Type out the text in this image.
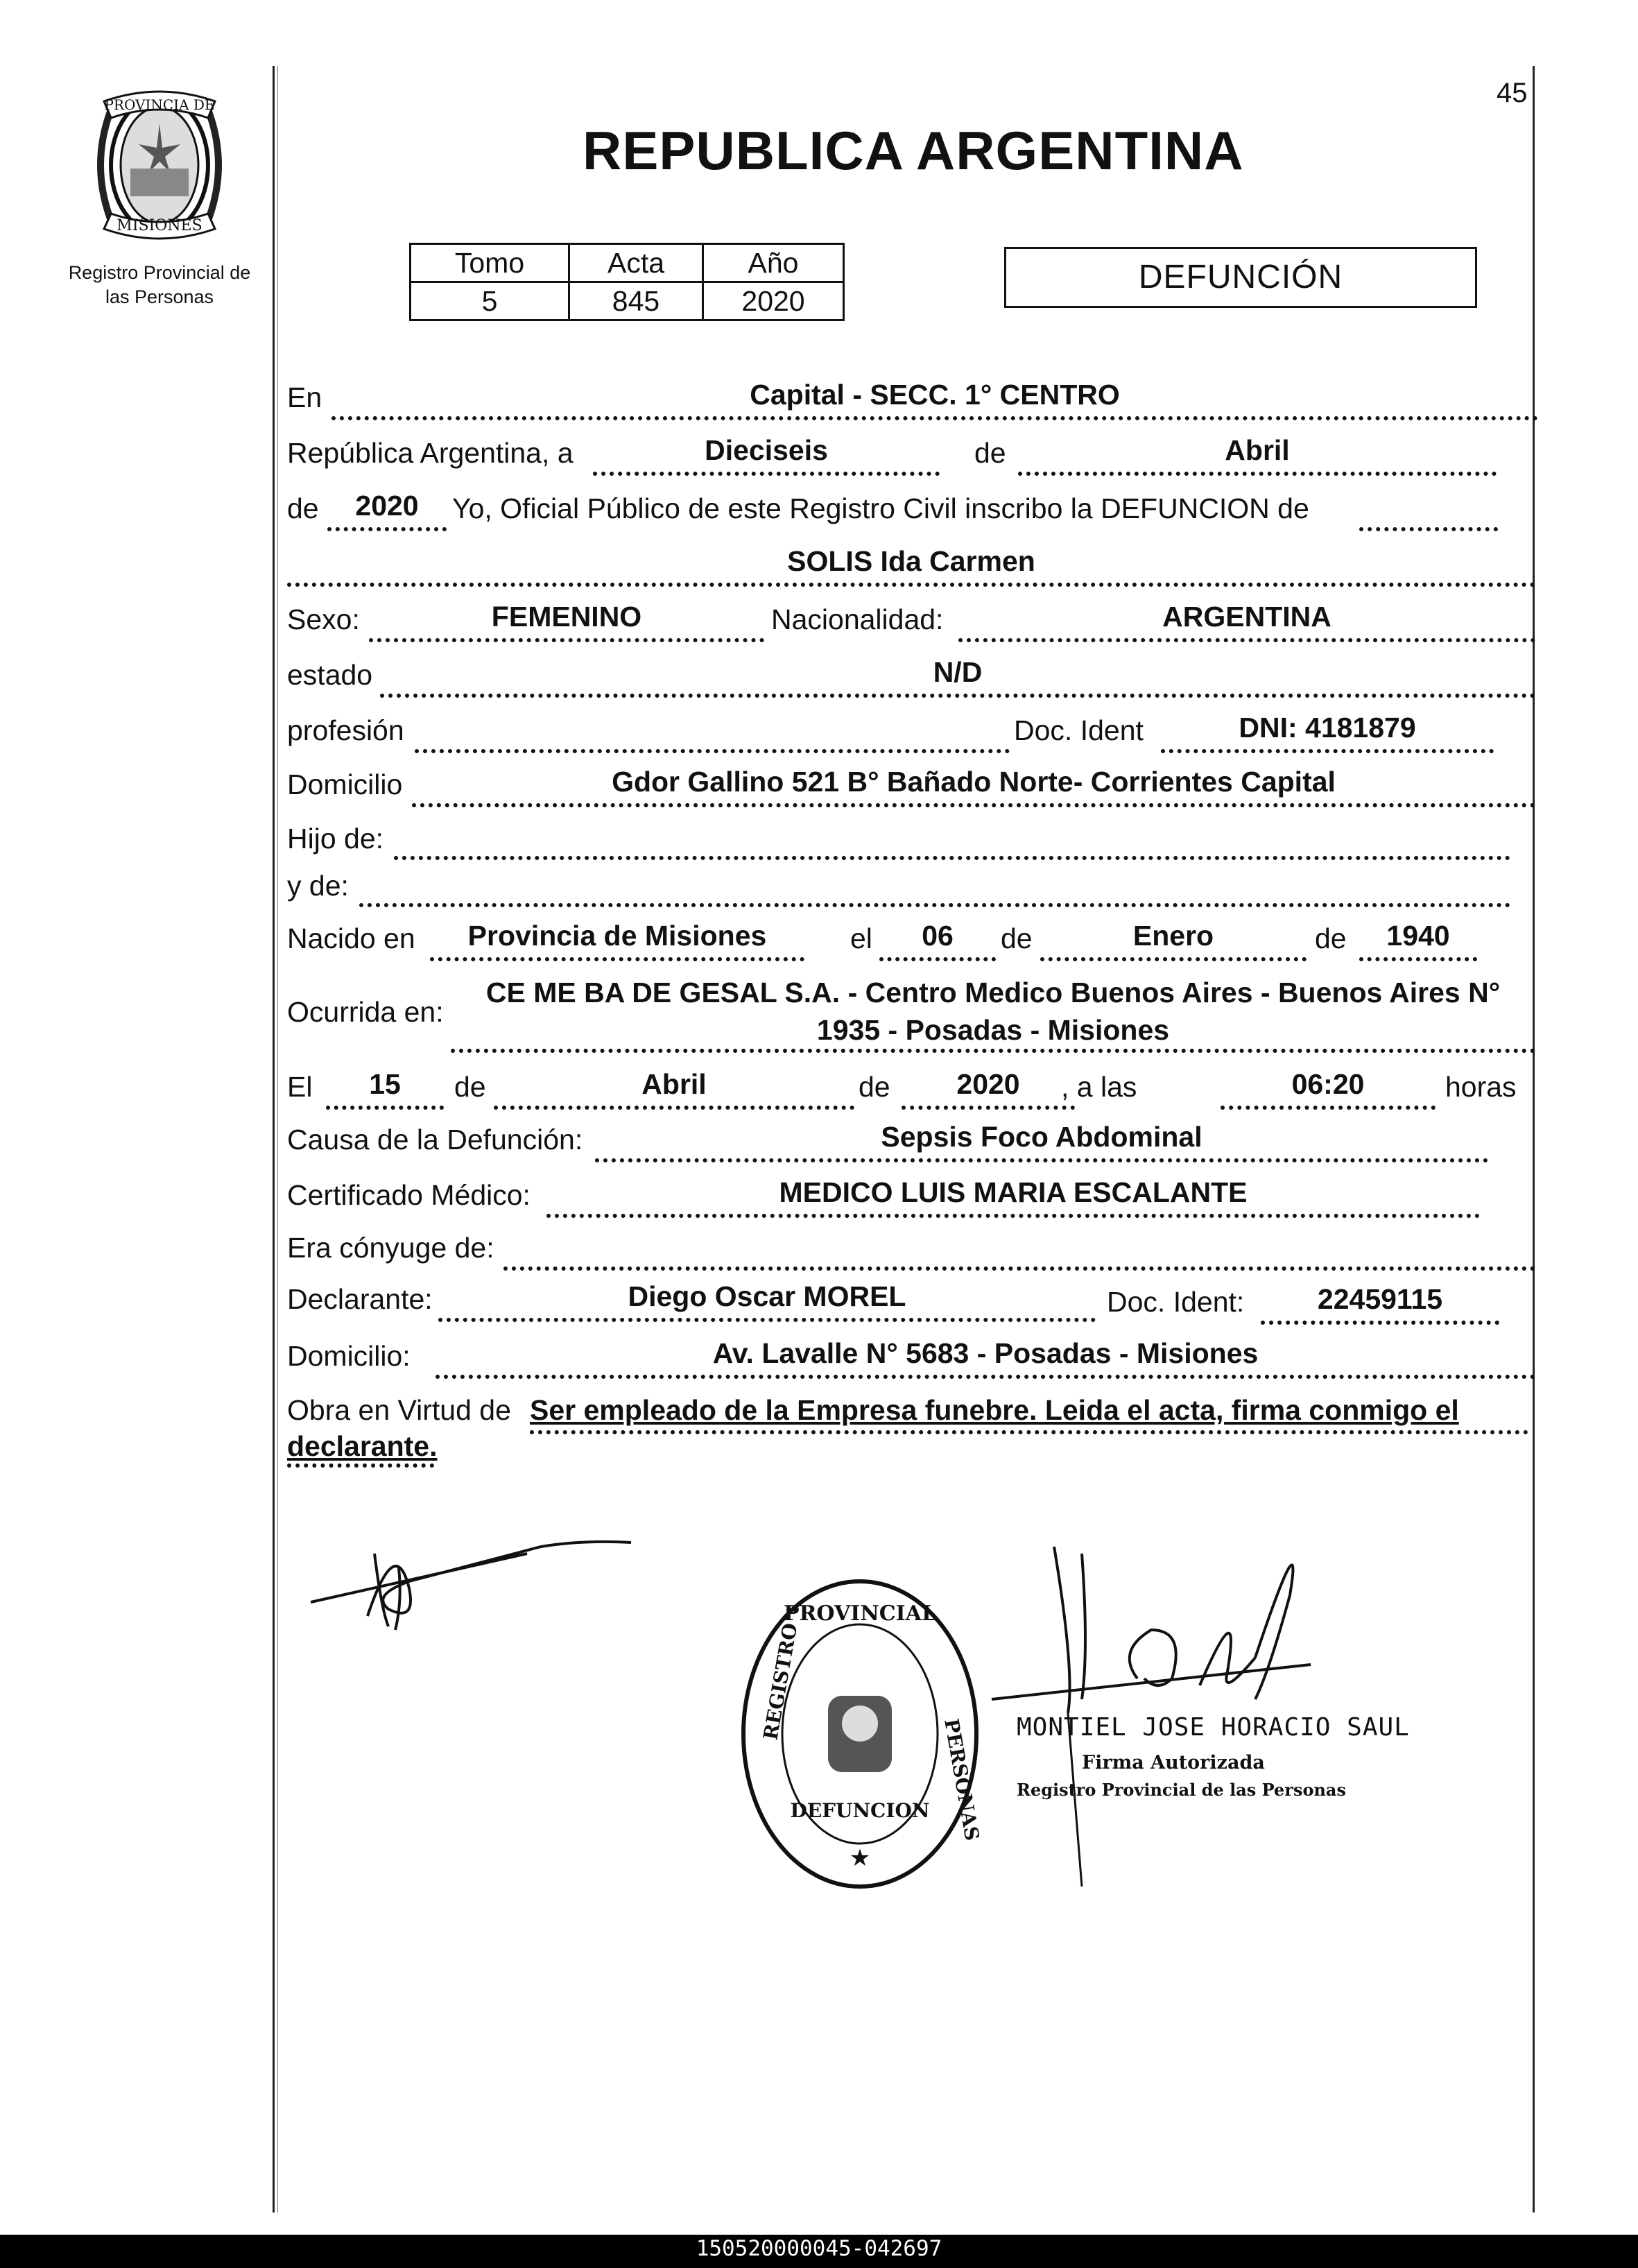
PROVINCIA DE
MISIONES
Registro Provincial de
las Personas
45
REPUBLICA ARGENTINA
Tomo	Acta	Año
5	845	2020
DEFUNCIÓN
En	Capital - SECC. 1° CENTRO
República Argentina, a	Dieciseis	de	Abril
de	2020	Yo, Oficial Público de este Registro Civil inscribo la DEFUNCION de
SOLIS Ida Carmen
Sexo:	FEMENINO	Nacionalidad:	ARGENTINA
estado	N/D
profesión	Doc. Ident	DNI: 4181879
Domicilio	Gdor Gallino 521 B° Bañado Norte- Corrientes Capital
Hijo de:
y de:
Nacido en	Provincia de Misiones	el	06	de	Enero	de	1940
Ocurrida en:
CE ME BA DE GESAL S.A. - Centro Medico Buenos Aires - Buenos Aires N°
1935 - Posadas - Misiones
El	15	de	Abril	de	2020	, a las	06:20	horas
Causa de la Defunción:	Sepsis Foco Abdominal
Certificado Médico:	MEDICO LUIS MARIA ESCALANTE
Era cónyuge de:
Declarante:	Diego Oscar MOREL	Doc. Ident:	22459115
Domicilio:	Av. Lavalle N° 5683 - Posadas - Misiones
Obra en Virtud de Ser empleado de la Empresa funebre. Leida el acta, firma conmigo el
declarante.
PROVINCIAL
REGISTRO
PERSONAS
DEFUNCION
★
MONTIEL JOSE HORACIO SAUL
Firma Autorizada
Registro Provincial de las Personas
150520000045-042697
